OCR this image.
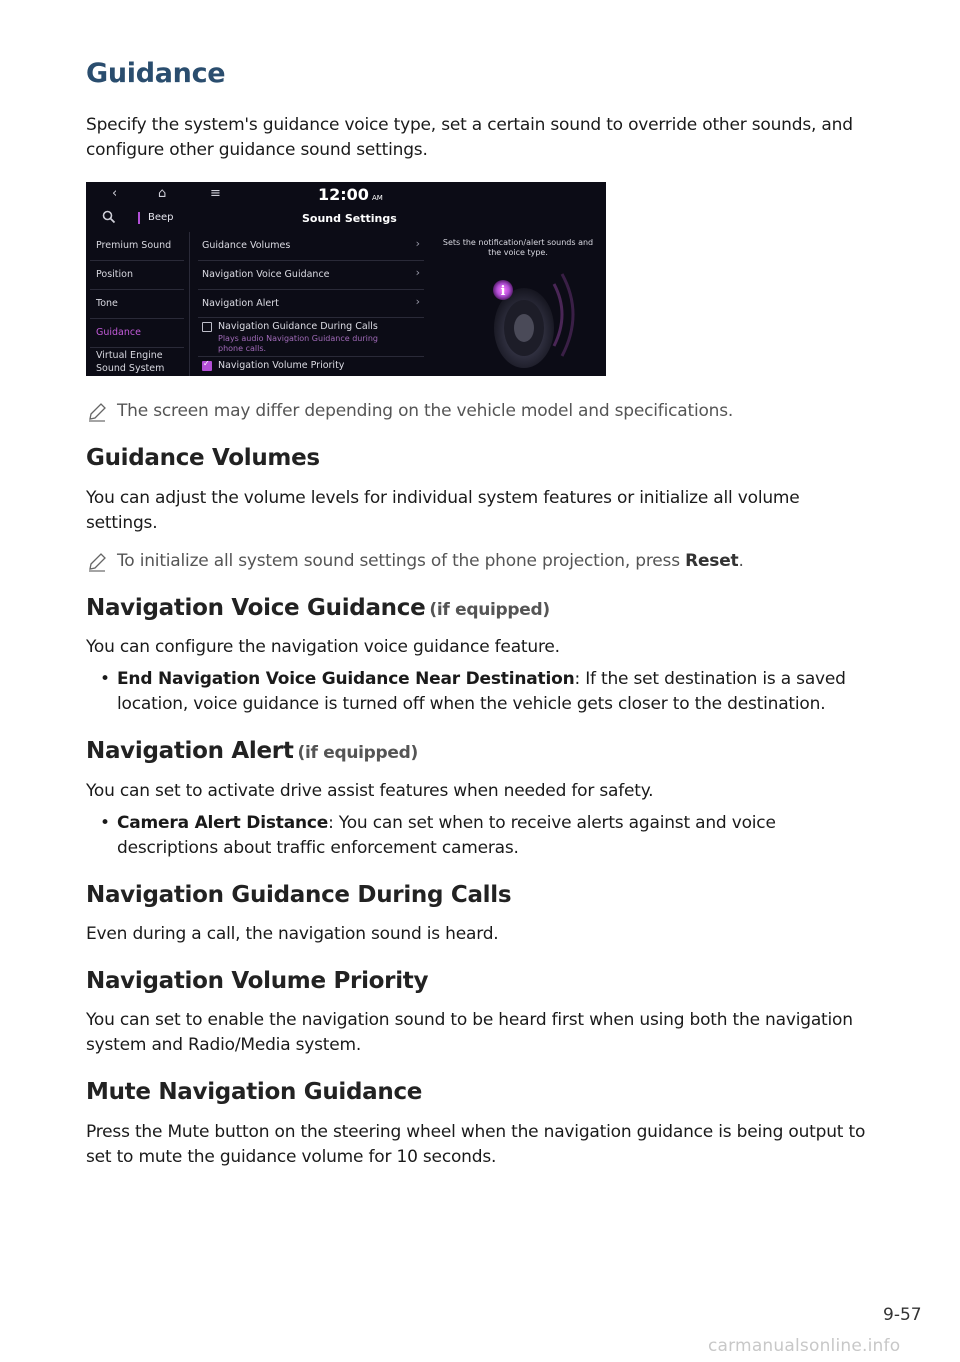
Guidance

Specify the system's guidance voice type, set a certain sound to override other sounds, and configure other guidance sound settings.

‹	⌂	≡	12:00 AM
Beep	Sound Settings
Premium Sound
Position
Tone
Guidance
Virtual Engine
Sound System
Guidance Volumes	›
Navigation Voice Guidance	›
Navigation Alert	›
Navigation Guidance During Calls
Plays audio Navigation Guidance during
phone calls.
✓
Navigation Volume Priority
Sets the notification/alert sounds and
the voice type.
i
The screen may differ depending on the vehicle model and specifications.
Guidance Volumes

You can adjust the volume levels for individual system features or initialize all volume settings.

To initialize all system sound settings of the phone projection, press Reset.
Navigation Voice Guidance (if equipped)

You can configure the navigation voice guidance feature.

• End Navigation Voice Guidance Near Destination: If the set destination is a saved location, voice guidance is turned off when the vehicle gets closer to the destination.
Navigation Alert (if equipped)

You can set to activate drive assist features when needed for safety.

• Camera Alert Distance: You can set when to receive alerts against and voice descriptions about traffic enforcement cameras.
Navigation Guidance During Calls

Even during a call, the navigation sound is heard.

Navigation Volume Priority

You can set to enable the navigation sound to be heard first when using both the navigation system and Radio/Media system.

Mute Navigation Guidance

Press the Mute button on the steering wheel when the navigation guidance is being output to set to mute the guidance volume for 10 seconds.

9-57
carmanualsonline.info
